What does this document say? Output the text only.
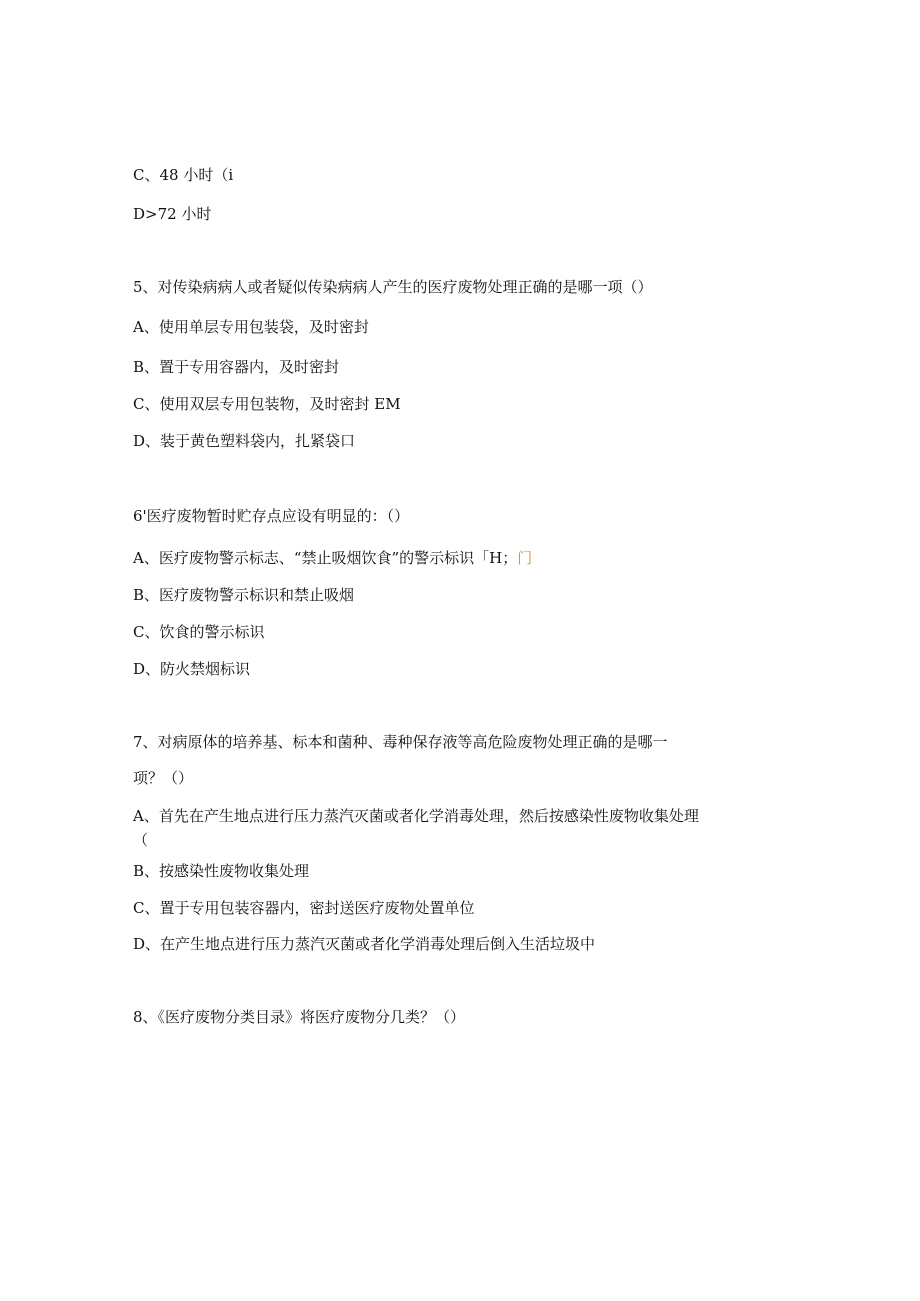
C、48 小时（i
D>72 小时
5、对传染病病人或者疑似传染病病人产生的医疗废物处理正确的是哪一项（）
A、使用单层专用包装袋，及时密封
B、置于专用容器内，及时密封
C、使用双层专用包装物，及时密封 EM
D、装于黄色塑料袋内，扎紧袋口
6'医疗废物暂时贮存点应设有明显的：（）
A、医疗废物警示标志、“禁止吸烟饮食”的警示标识「H；门
B、医疗废物警示标识和禁止吸烟
C、饮食的警示标识
D、防火禁烟标识
7、对病原体的培养基、标本和菌种、毒种保存液等高危险废物处理正确的是哪一
项？（）
A、首先在产生地点进行压力蒸汽灭菌或者化学消毒处理，然后按感染性废物收集处理
（
B、按感染性废物收集处理
C、置于专用包装容器内，密封送医疗废物处置单位
D、在产生地点进行压力蒸汽灭菌或者化学消毒处理后倒入生活垃圾中
8、《医疗废物分类目录》将医疗废物分几类？（）
